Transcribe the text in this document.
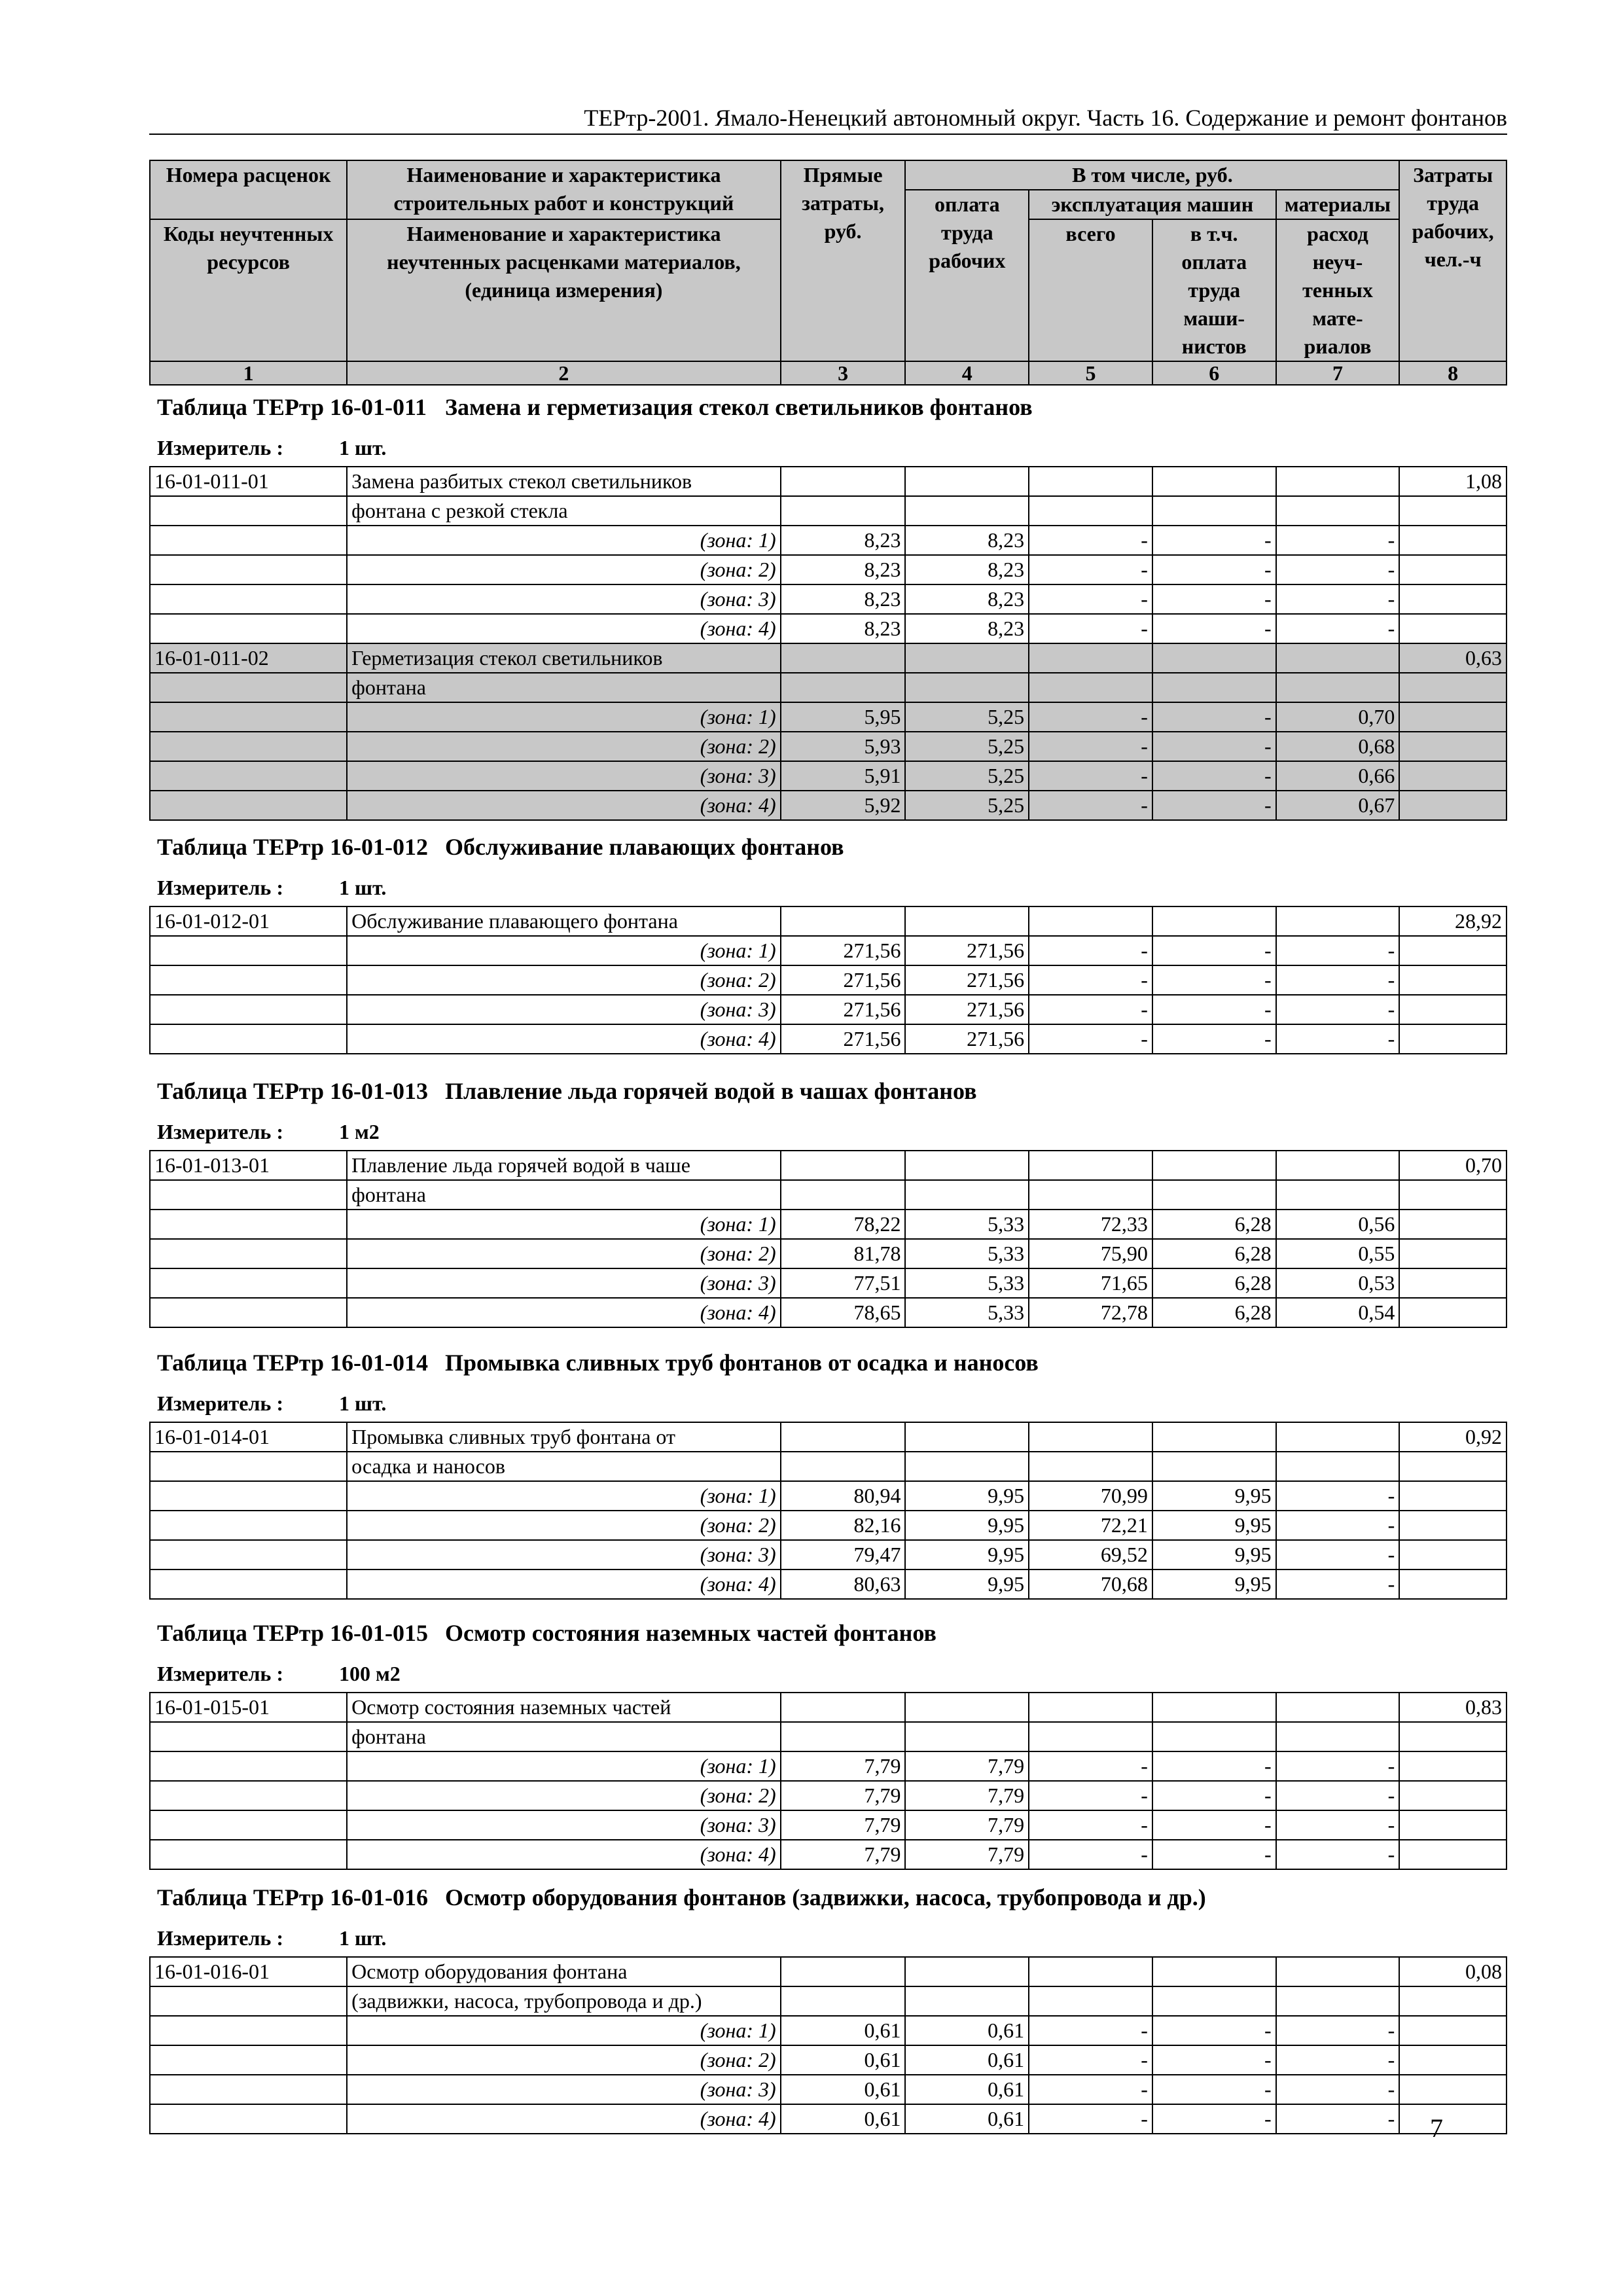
ТЕРтр-2001. Ямало-Ненецкий автономный округ. Часть 16. Содержание и ремонт фонтанов
Номера расценок	Наименование и характеристика строительных работ и конструкций	Прямые затраты, руб.	В том числе, руб.				Затраты труда рабочих, чел.-ч
			оплата труда рабочих	эксплуатация машин		материалы	
Коды неучтенных ресурсов	Наименование и характеристика неучтенных расценками материалов, (единица измерения)			всего	в т.ч. оплата труда маши-нистов	расход неуч-тенных мате-риалов	

1	2	3	4	5	6	7	8
Таблица ТЕРтр 16-01-011 Замена и герметизация стекол светильников фонтанов
Измеритель :	1 шт.
16-01-011-01	Замена разбитых стекол светильников						1,08
	фонтана с резкой стекла						
	(зона: 1)	8,23	8,23	-	-	-	
	(зона: 2)	8,23	8,23	-	-	-	
	(зона: 3)	8,23	8,23	-	-	-	
	(зона: 4)	8,23	8,23	-	-	-	
16-01-011-02	Герметизация стекол светильников						0,63
	фонтана						
	(зона: 1)	5,95	5,25	-	-	0,70	
	(зона: 2)	5,93	5,25	-	-	0,68	
	(зона: 3)	5,91	5,25	-	-	0,66	
	(зона: 4)	5,92	5,25	-	-	0,67	
Таблица ТЕРтр 16-01-012 Обслуживание плавающих фонтанов
Измеритель :	1 шт.
16-01-012-01	Обслуживание плавающего фонтана						28,92
	(зона: 1)	271,56	271,56	-	-	-	
	(зона: 2)	271,56	271,56	-	-	-	
	(зона: 3)	271,56	271,56	-	-	-	
	(зона: 4)	271,56	271,56	-	-	-	
Таблица ТЕРтр 16-01-013 Плавление льда горячей водой в чашах фонтанов
Измеритель :	1 м2
16-01-013-01	Плавление льда горячей водой в чаше						0,70
	фонтана						
	(зона: 1)	78,22	5,33	72,33	6,28	0,56	
	(зона: 2)	81,78	5,33	75,90	6,28	0,55	
	(зона: 3)	77,51	5,33	71,65	6,28	0,53	
	(зона: 4)	78,65	5,33	72,78	6,28	0,54	
Таблица ТЕРтр 16-01-014 Промывка сливных труб фонтанов от осадка и наносов
Измеритель :	1 шт.
16-01-014-01	Промывка сливных труб фонтана от						0,92
	осадка и наносов						
	(зона: 1)	80,94	9,95	70,99	9,95	-	
	(зона: 2)	82,16	9,95	72,21	9,95	-	
	(зона: 3)	79,47	9,95	69,52	9,95	-	
	(зона: 4)	80,63	9,95	70,68	9,95	-	
Таблица ТЕРтр 16-01-015 Осмотр состояния наземных частей фонтанов
Измеритель :	100 м2
16-01-015-01	Осмотр состояния наземных частей						0,83
	фонтана						
	(зона: 1)	7,79	7,79	-	-	-	
	(зона: 2)	7,79	7,79	-	-	-	
	(зона: 3)	7,79	7,79	-	-	-	
	(зона: 4)	7,79	7,79	-	-	-	
Таблица ТЕРтр 16-01-016 Осмотр оборудования фонтанов (задвижки, насоса, трубопровода и др.)
Измеритель :	1 шт.
16-01-016-01	Осмотр оборудования фонтана						0,08
	(задвижки, насоса, трубопровода и др.)						
	(зона: 1)	0,61	0,61	-	-	-	
	(зона: 2)	0,61	0,61	-	-	-	
	(зона: 3)	0,61	0,61	-	-	-	
	(зона: 4)	0,61	0,61	-	-	-	7
